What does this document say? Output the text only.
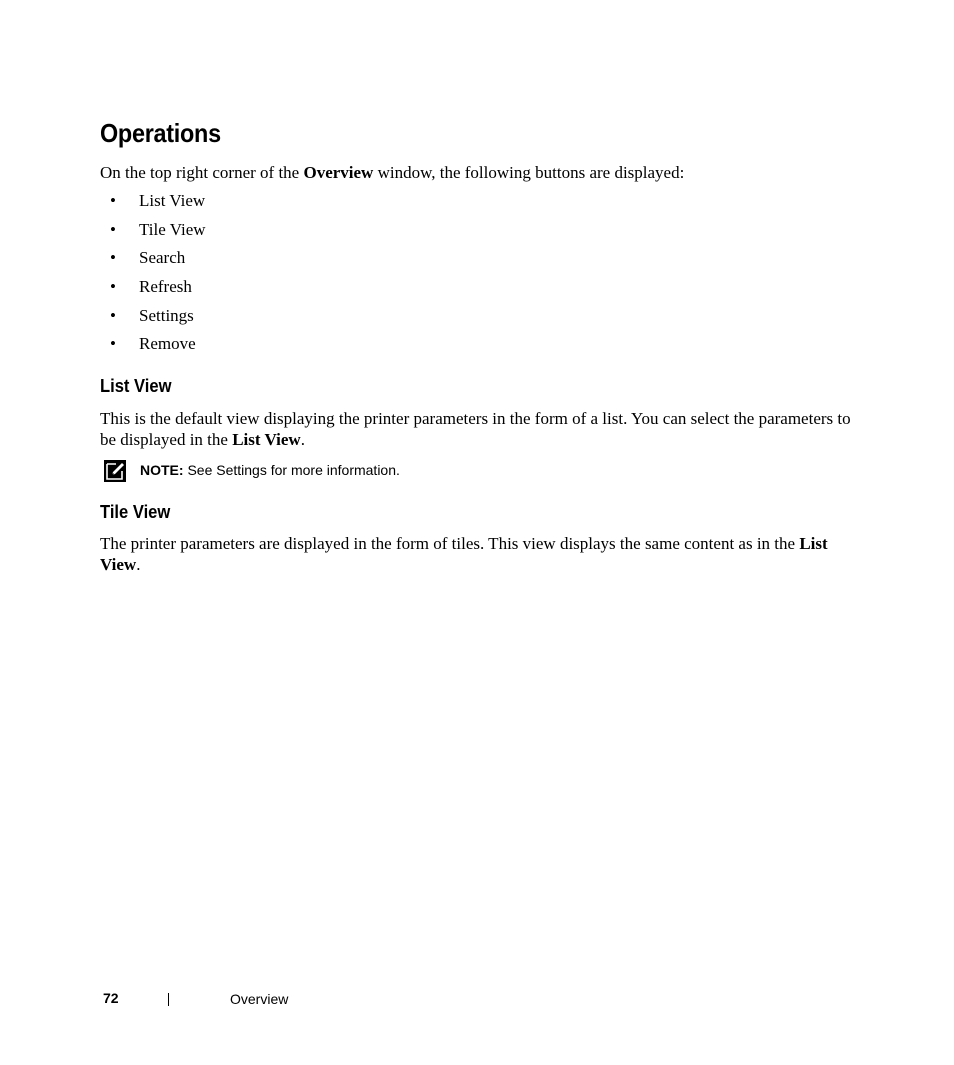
Operations

On the top right corner of the Overview window, the following buttons are displayed:

• List View
• Tile View
• Search
• Refresh
• Settings
• Remove
List View

This is the default view displaying the printer parameters in the form of a list. You can select the parameters to be displayed in the List View.

NOTE: See Settings for more information.
Tile View

The printer parameters are displayed in the form of tiles. This view displays the same content as in the List View.

72	Overview
